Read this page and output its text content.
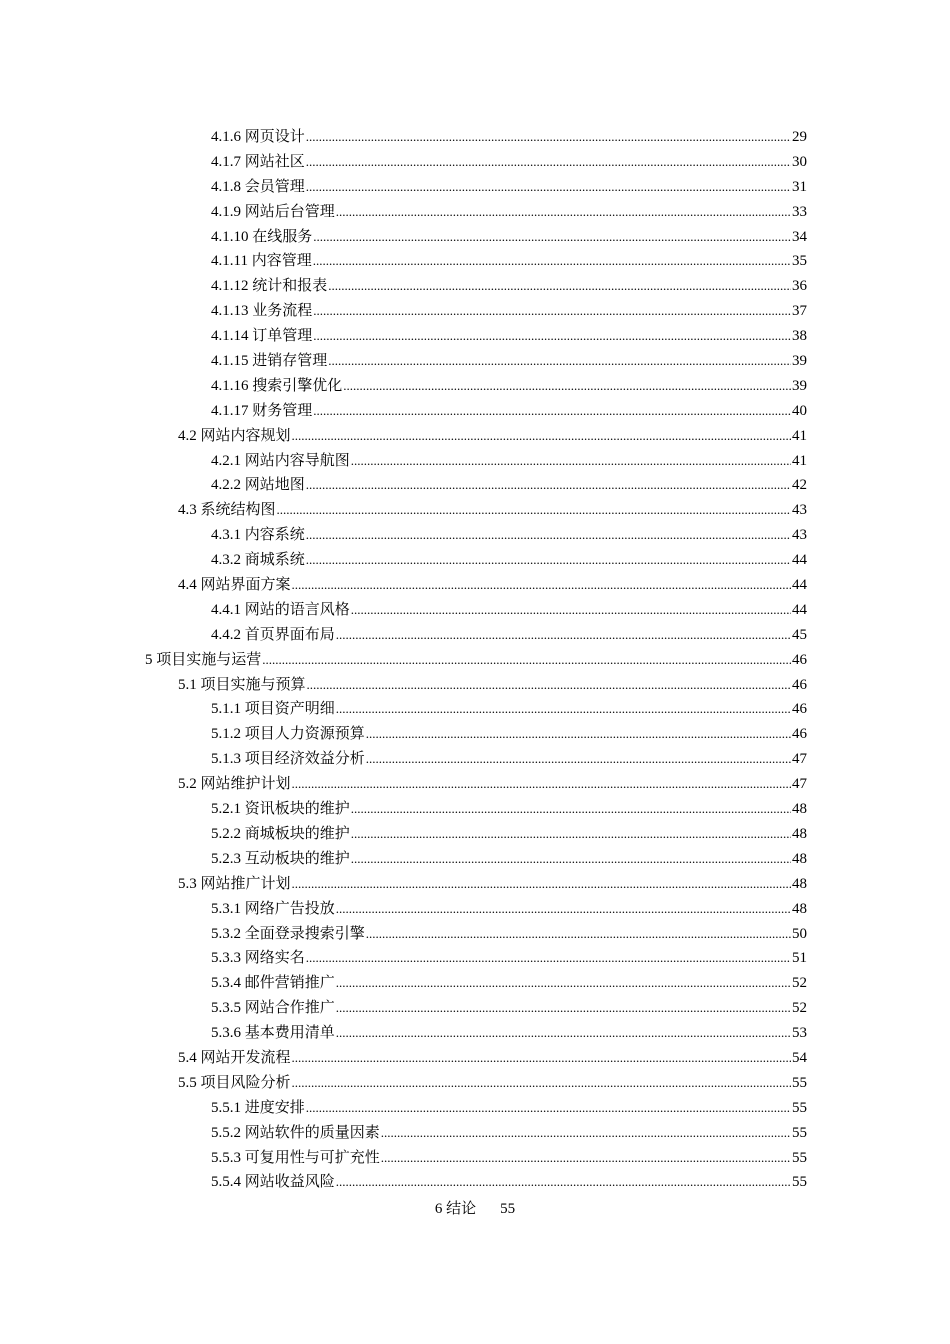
4.1.6 网页设计 .....	29
4.1.7 网站社区 .....	30
4.1.8 会员管理 .....	31
4.1.9 网站后台管理 .....	33
4.1.10 在线服务 .....	34
4.1.11 内容管理 .....	35
4.1.12 统计和报表 .....	36
4.1.13 业务流程 .....	37
4.1.14 订单管理 .....	38
4.1.15 进销存管理 .....	39
4.1.16 搜索引擎优化 .....	39
4.1.17 财务管理 .....	40
4.2 网站内容规划 .....	41
4.2.1 网站内容导航图 .....	41
4.2.2 网站地图 .....	42
4.3 系统结构图 .....	43
4.3.1 内容系统 .....	43
4.3.2 商城系统 .....	44
4.4 网站界面方案 .....	44
4.4.1 网站的语言风格 .....	44
4.4.2 首页界面布局 .....	45
5 项目实施与运营 .....	46
5.1 项目实施与预算 .....	46
5.1.1 项目资产明细 .....	46
5.1.2 项目人力资源预算 .....	46
5.1.3 项目经济效益分析 .....	47
5.2 网站维护计划 .....	47
5.2.1 资讯板块的维护 .....	48
5.2.2 商城板块的维护 .....	48
5.2.3 互动板块的维护 .....	48
5.3 网站推广计划 .....	48
5.3.1 网络广告投放 .....	48
5.3.2 全面登录搜索引擎 .....	50
5.3.3 网络实名 .....	51
5.3.4 邮件营销推广 .....	52
5.3.5 网站合作推广 .....	52
5.3.6 基本费用清单 .....	53
5.4 网站开发流程 .....	54
5.5 项目风险分析 .....	55
5.5.1 进度安排 .....	55
5.5.2 网站软件的质量因素 .....	55
5.5.3 可复用性与可扩充性 .....	55
5.5.4 网站收益风险 .....	55
6 结论 55
